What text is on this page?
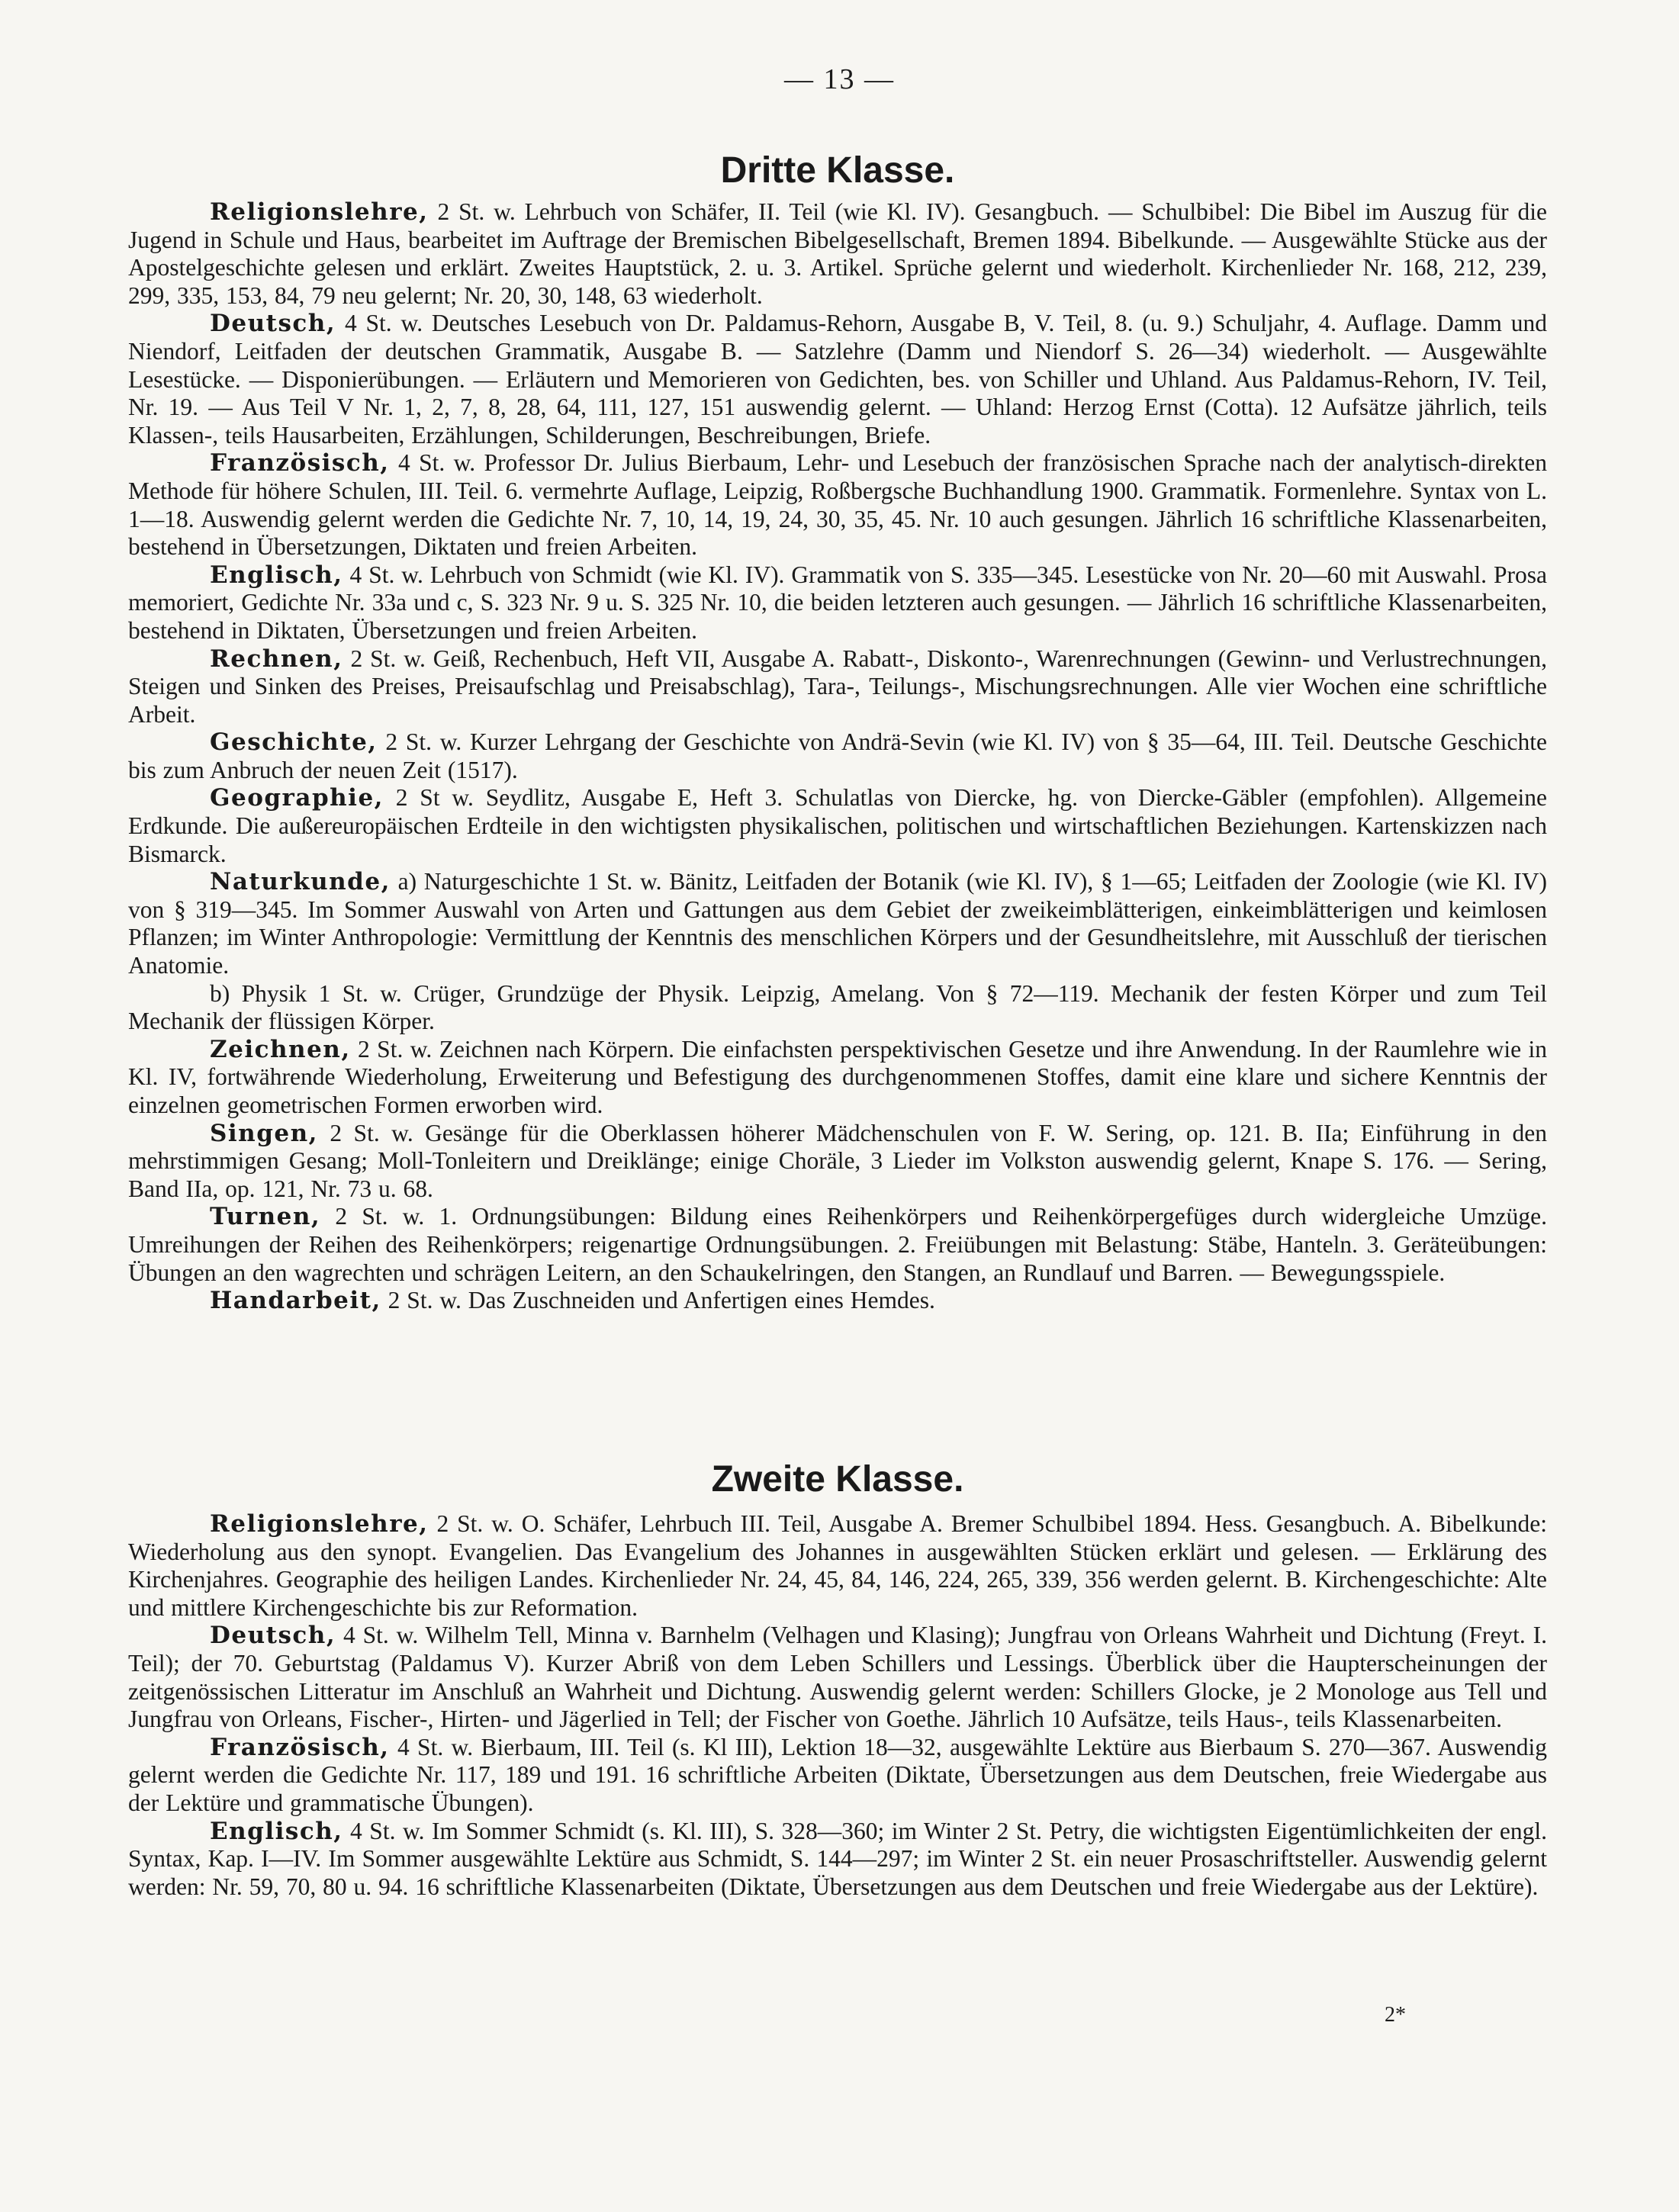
— 13 —
Dritte Klasse.

Religionslehre, 2 St. w. Lehrbuch von Schäfer, II. Teil (wie Kl. IV). Gesangbuch. — Schulbibel: Die Bibel im Auszug für die Jugend in Schule und Haus, bearbeitet im Auftrage der Bremischen Bibelgesellschaft, Bremen 1894. Bibelkunde. — Ausgewählte Stücke aus der Apostelgeschichte gelesen und erklärt. Zweites Hauptstück, 2. u. 3. Artikel. Sprüche gelernt und wiederholt. Kirchenlieder Nr. 168, 212, 239, 299, 335, 153, 84, 79 neu gelernt; Nr. 20, 30, 148, 63 wiederholt.

Deutsch, 4 St. w. Deutsches Lesebuch von Dr. Paldamus-Rehorn, Ausgabe B, V. Teil, 8. (u. 9.) Schuljahr, 4. Auflage. Damm und Niendorf, Leitfaden der deutschen Grammatik, Ausgabe B. — Satzlehre (Damm und Niendorf S. 26—34) wiederholt. — Ausgewählte Lesestücke. — Disponierübungen. — Erläutern und Memorieren von Gedichten, bes. von Schiller und Uhland. Aus Paldamus-Rehorn, IV. Teil, Nr. 19. — Aus Teil V Nr. 1, 2, 7, 8, 28, 64, 111, 127, 151 auswendig gelernt. — Uhland: Herzog Ernst (Cotta). 12 Aufsätze jährlich, teils Klassen-, teils Hausarbeiten, Erzählungen, Schilderungen, Beschreibungen, Briefe.

Französisch, 4 St. w. Professor Dr. Julius Bierbaum, Lehr- und Lesebuch der französischen Sprache nach der analytisch-direkten Methode für höhere Schulen, III. Teil. 6. vermehrte Auflage, Leipzig, Roßbergsche Buchhandlung 1900. Grammatik. Formenlehre. Syntax von L. 1—18. Auswendig gelernt werden die Gedichte Nr. 7, 10, 14, 19, 24, 30, 35, 45. Nr. 10 auch gesungen. Jährlich 16 schriftliche Klassenarbeiten, bestehend in Übersetzungen, Diktaten und freien Arbeiten.

Englisch, 4 St. w. Lehrbuch von Schmidt (wie Kl. IV). Grammatik von S. 335—345. Lesestücke von Nr. 20—60 mit Auswahl. Prosa memoriert, Gedichte Nr. 33a und c, S. 323 Nr. 9 u. S. 325 Nr. 10, die beiden letzteren auch gesungen. — Jährlich 16 schriftliche Klassenarbeiten, bestehend in Diktaten, Übersetzungen und freien Arbeiten.

Rechnen, 2 St. w. Geiß, Rechenbuch, Heft VII, Ausgabe A. Rabatt-, Diskonto-, Warenrechnungen (Gewinn- und Verlustrechnungen, Steigen und Sinken des Preises, Preisaufschlag und Preisabschlag), Tara-, Teilungs-, Mischungsrechnungen. Alle vier Wochen eine schriftliche Arbeit.

Geschichte, 2 St. w. Kurzer Lehrgang der Geschichte von Andrä-Sevin (wie Kl. IV) von § 35—64, III. Teil. Deutsche Geschichte bis zum Anbruch der neuen Zeit (1517).

Geographie, 2 St w. Seydlitz, Ausgabe E, Heft 3. Schulatlas von Diercke, hg. von Diercke-Gäbler (empfohlen). Allgemeine Erdkunde. Die außereuropäischen Erdteile in den wichtigsten physikalischen, politischen und wirtschaftlichen Beziehungen. Kartenskizzen nach Bismarck.

Naturkunde, a) Naturgeschichte 1 St. w. Bänitz, Leitfaden der Botanik (wie Kl. IV), § 1—65; Leitfaden der Zoologie (wie Kl. IV) von § 319—345. Im Sommer Auswahl von Arten und Gattungen aus dem Gebiet der zweikeimblätterigen, einkeimblätterigen und keimlosen Pflanzen; im Winter Anthropologie: Vermittlung der Kenntnis des menschlichen Körpers und der Gesundheitslehre, mit Ausschluß der tierischen Anatomie.

b) Physik 1 St. w. Crüger, Grundzüge der Physik. Leipzig, Amelang. Von § 72—119. Mechanik der festen Körper und zum Teil Mechanik der flüssigen Körper.

Zeichnen, 2 St. w. Zeichnen nach Körpern. Die einfachsten perspektivischen Gesetze und ihre Anwendung. In der Raumlehre wie in Kl. IV, fortwährende Wiederholung, Erweiterung und Befestigung des durchgenommenen Stoffes, damit eine klare und sichere Kenntnis der einzelnen geometrischen Formen erworben wird.

Singen, 2 St. w. Gesänge für die Oberklassen höherer Mädchenschulen von F. W. Sering, op. 121. B. IIa; Einführung in den mehrstimmigen Gesang; Moll-Tonleitern und Dreiklänge; einige Choräle, 3 Lieder im Volkston auswendig gelernt, Knape S. 176. — Sering, Band IIa, op. 121, Nr. 73 u. 68.

Turnen, 2 St. w. 1. Ordnungsübungen: Bildung eines Reihenkörpers und Reihenkörpergefüges durch widergleiche Umzüge. Umreihungen der Reihen des Reihenkörpers; reigenartige Ordnungsübungen. 2. Freiübungen mit Belastung: Stäbe, Hanteln. 3. Geräteübungen: Übungen an den wagrechten und schrägen Leitern, an den Schaukelringen, den Stangen, an Rundlauf und Barren. — Bewegungsspiele.

Handarbeit, 2 St. w. Das Zuschneiden und Anfertigen eines Hemdes.

Zweite Klasse.

Religionslehre, 2 St. w. O. Schäfer, Lehrbuch III. Teil, Ausgabe A. Bremer Schulbibel 1894. Hess. Gesangbuch. A. Bibelkunde: Wiederholung aus den synopt. Evangelien. Das Evangelium des Johannes in ausgewählten Stücken erklärt und gelesen. — Erklärung des Kirchenjahres. Geographie des heiligen Landes. Kirchenlieder Nr. 24, 45, 84, 146, 224, 265, 339, 356 werden gelernt. B. Kirchengeschichte: Alte und mittlere Kirchengeschichte bis zur Reformation.

Deutsch, 4 St. w. Wilhelm Tell, Minna v. Barnhelm (Velhagen und Klasing); Jungfrau von Orleans Wahrheit und Dichtung (Freyt. I. Teil); der 70. Geburtstag (Paldamus V). Kurzer Abriß von dem Leben Schillers und Lessings. Überblick über die Haupterscheinungen der zeitgenössischen Litteratur im Anschluß an Wahrheit und Dichtung. Auswendig gelernt werden: Schillers Glocke, je 2 Monologe aus Tell und Jungfrau von Orleans, Fischer-, Hirten- und Jägerlied in Tell; der Fischer von Goethe. Jährlich 10 Aufsätze, teils Haus-, teils Klassenarbeiten.

Französisch, 4 St. w. Bierbaum, III. Teil (s. Kl III), Lektion 18—32, ausgewählte Lektüre aus Bierbaum S. 270—367. Auswendig gelernt werden die Gedichte Nr. 117, 189 und 191. 16 schriftliche Arbeiten (Diktate, Übersetzungen aus dem Deutschen, freie Wiedergabe aus der Lektüre und grammatische Übungen).

Englisch, 4 St. w. Im Sommer Schmidt (s. Kl. III), S. 328—360; im Winter 2 St. Petry, die wichtigsten Eigentümlichkeiten der engl. Syntax, Kap. I—IV. Im Sommer ausgewählte Lektüre aus Schmidt, S. 144—297; im Winter 2 St. ein neuer Prosaschriftsteller. Auswendig gelernt werden: Nr. 59, 70, 80 u. 94. 16 schriftliche Klassenarbeiten (Diktate, Übersetzungen aus dem Deutschen und freie Wiedergabe aus der Lektüre).

2*
